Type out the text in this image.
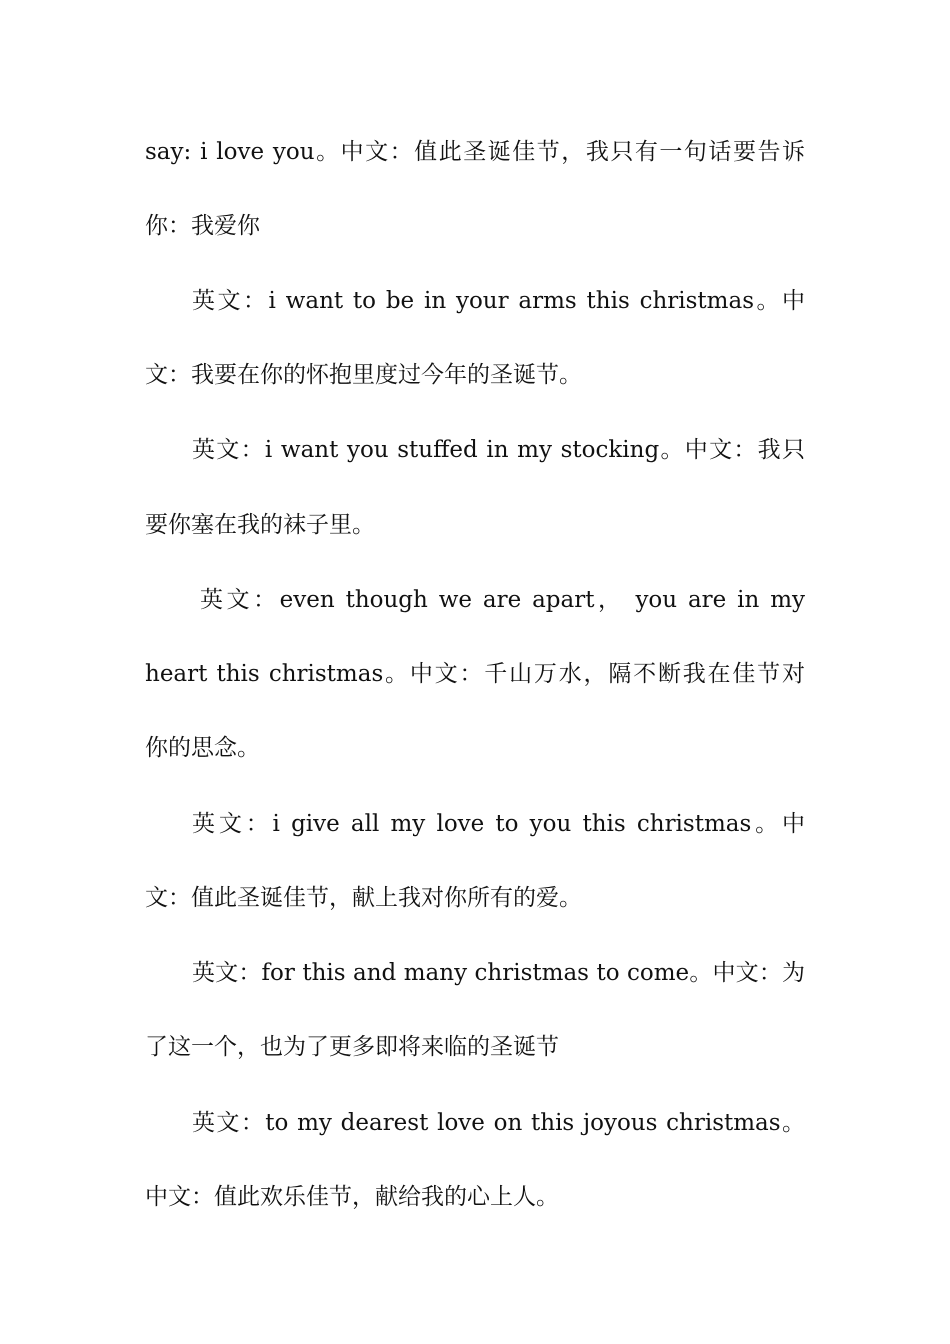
say: i love you。中文：值此圣诞佳节，我只有一句话要告诉
你：我爱你
英文：i want to be in your arms this christmas。中
文：我要在你的怀抱里度过今年的圣诞节。
英文：i want you stuffed in my stocking。中文：我只
要你塞在我的袜子里。
英文：even though we are apart， you are in my
heart this christmas。中文：千山万水，隔不断我在佳节对
你的思念。
英文：i give all my love to you this christmas。中
文：值此圣诞佳节，献上我对你所有的爱。
英文：for this and many christmas to come。中文：为
了这一个，也为了更多即将来临的圣诞节
英文：to my dearest love on this joyous christmas。
中文：值此欢乐佳节，献给我的心上人。
